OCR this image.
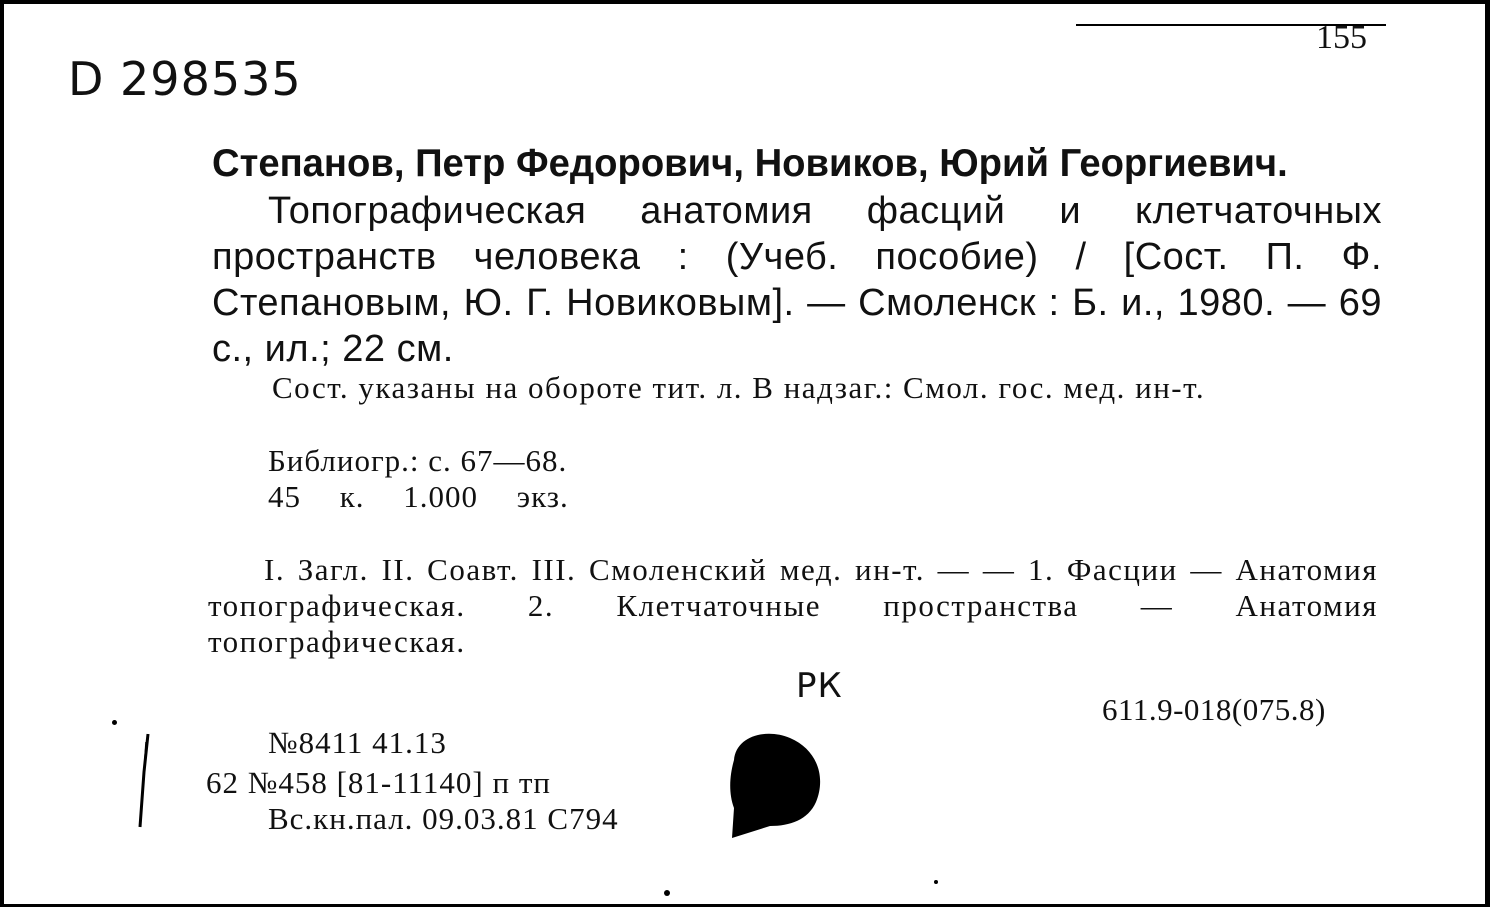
D 298535
155
Степанов, Петр Федорович, Новиков, Юрий Георгиевич.
Топографическая анатомия фасций и клетчаточных пространств человека : (Учеб. пособие) / [Сост. П. Ф. Степановым, Ю. Г. Новиковым]. — Смоленск : Б. и., 1980. — 69 с., ил.; 22 см.
Сост. указаны на обороте тит. л. В надзаг.: Смол. гос. мед. ин-т.
Библиогр.: с. 67—68.
45 к. 1.000 экз.
I. Загл. II. Соавт. III. Смоленский мед. ин-т. — — 1. Фасции — Анатомия топографическая. 2. Клетчаточные пространства — Анатомия топографическая.
РК
611.9-018(075.8)
№8411 41.13
62 №458 [81-11140] п тп
Вс.кн.пал. 09.03.81 С794
